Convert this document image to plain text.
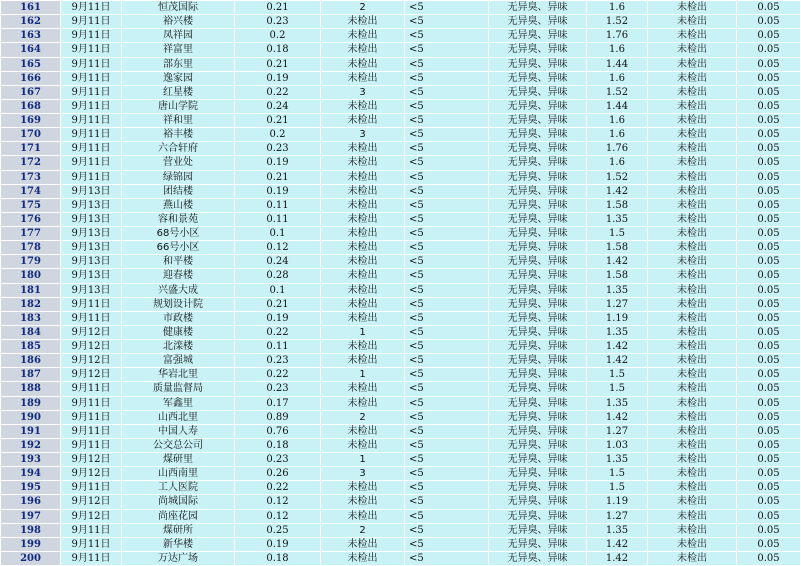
161	9月11日	恒茂国际	0.21	2	<5	无异臭、异味	1.6	未检出	0.05
162	9月11日	裕兴楼	0.23	未检出	<5	无异臭、异味	1.52	未检出	0.05
163	9月11日	凤祥园	0.2	未检出	<5	无异臭、异味	1.76	未检出	0.05
164	9月11日	祥富里	0.18	未检出	<5	无异臭、异味	1.6	未检出	0.05
165	9月11日	部东里	0.21	未检出	<5	无异臭、异味	1.44	未检出	0.05
166	9月11日	逸家园	0.19	未检出	<5	无异臭、异味	1.6	未检出	0.05
167	9月11日	红星楼	0.22	3	<5	无异臭、异味	1.52	未检出	0.05
168	9月11日	唐山学院	0.24	未检出	<5	无异臭、异味	1.44	未检出	0.05
169	9月11日	祥和里	0.21	未检出	<5	无异臭、异味	1.6	未检出	0.05
170	9月11日	裕丰楼	0.2	3	<5	无异臭、异味	1.6	未检出	0.05
171	9月11日	六合轩府	0.23	未检出	<5	无异臭、异味	1.76	未检出	0.05
172	9月11日	营业处	0.19	未检出	<5	无异臭、异味	1.6	未检出	0.05
173	9月11日	绿锦园	0.21	未检出	<5	无异臭、异味	1.52	未检出	0.05
174	9月13日	团结楼	0.19	未检出	<5	无异臭、异味	1.42	未检出	0.05
175	9月13日	燕山楼	0.11	未检出	<5	无异臭、异味	1.58	未检出	0.05
176	9月13日	容和景苑	0.11	未检出	<5	无异臭、异味	1.35	未检出	0.05
177	9月13日	68号小区	0.1	未检出	<5	无异臭、异味	1.5	未检出	0.05
178	9月13日	66号小区	0.12	未检出	<5	无异臭、异味	1.58	未检出	0.05
179	9月13日	和平楼	0.24	未检出	<5	无异臭、异味	1.42	未检出	0.05
180	9月13日	迎春楼	0.28	未检出	<5	无异臭、异味	1.58	未检出	0.05
181	9月13日	兴盛大成	0.1	未检出	<5	无异臭、异味	1.35	未检出	0.05
182	9月11日	规划设计院	0.21	未检出	<5	无异臭、异味	1.27	未检出	0.05
183	9月11日	市政楼	0.19	未检出	<5	无异臭、异味	1.19	未检出	0.05
184	9月12日	健康楼	0.22	1	<5	无异臭、异味	1.35	未检出	0.05
185	9月12日	北滦楼	0.11	未检出	<5	无异臭、异味	1.42	未检出	0.05
186	9月12日	富强城	0.23	未检出	<5	无异臭、异味	1.42	未检出	0.05
187	9月12日	华岩北里	0.22	1	<5	无异臭、异味	1.5	未检出	0.05
188	9月11日	质量监督局	0.23	未检出	<5	无异臭、异味	1.5	未检出	0.05
189	9月11日	军鑫里	0.17	未检出	<5	无异臭、异味	1.35	未检出	0.05
190	9月11日	山西北里	0.89	2	<5	无异臭、异味	1.42	未检出	0.05
191	9月11日	中国人寿	0.76	未检出	<5	无异臭、异味	1.27	未检出	0.05
192	9月11日	公交总公司	0.18	未检出	<5	无异臭、异味	1.03	未检出	0.05
193	9月12日	煤研里	0.23	1	<5	无异臭、异味	1.35	未检出	0.05
194	9月12日	山西南里	0.26	3	<5	无异臭、异味	1.5	未检出	0.05
195	9月11日	工人医院	0.22	未检出	<5	无异臭、异味	1.5	未检出	0.05
196	9月12日	尚城国际	0.12	未检出	<5	无异臭、异味	1.19	未检出	0.05
197	9月12日	尚座花园	0.12	未检出	<5	无异臭、异味	1.27	未检出	0.05
198	9月11日	煤研所	0.25	2	<5	无异臭、异味	1.35	未检出	0.05
199	9月11日	新华楼	0.19	未检出	<5	无异臭、异味	1.42	未检出	0.05
200	9月11日	万达广场	0.18	未检出	<5	无异臭、异味	1.42	未检出	0.05
